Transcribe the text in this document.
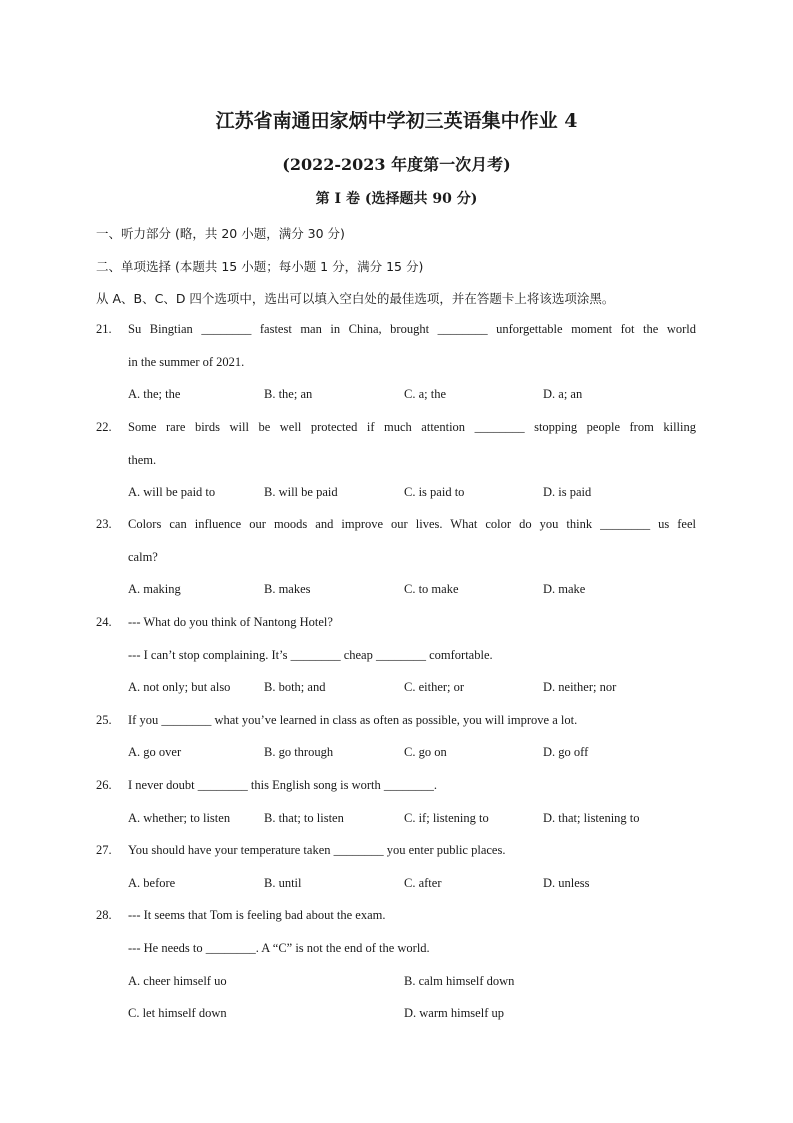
江苏省南通田家炳中学初三英语集中作业 4
(2022-2023 年度第一次月考)
第 I 卷 (选择题共 90 分)
一、听力部分 (略，共 20 小题，满分 30 分)
二、单项选择 (本题共 15 小题；每小题 1 分，满分 15 分)
从 A、B、C、D 四个选项中，选出可以填入空白处的最佳选项，并在答题卡上将该选项涂黑。
21. Su Bingtian ________ fastest man in China, brought ________ unforgettable moment fot the world
in the summer of 2021.
A. the; the	B. the; an	C. a; the	D. a; an
22. Some rare birds will be well protected if much attention ________ stopping people from killing
them.
A. will be paid to	B. will be paid	C. is paid to	D. is paid
23. Colors can influence our moods and improve our lives. What color do you think ________ us feel
calm?
A. making	B. makes	C. to make	D. make
24. --- What do you think of Nantong Hotel?
--- I can’t stop complaining. It’s ________ cheap ________ comfortable.
A. not only; but also	B. both; and	C. either; or	D. neither; nor
25. If you ________ what you’ve learned in class as often as possible, you will improve a lot.
A. go over	B. go through	C. go on	D. go off
26. I never doubt ________ this English song is worth ________.
A. whether; to listen	B. that; to listen	C. if; listening to	D. that; listening to
27. You should have your temperature taken ________ you enter public places.
A. before	B. until	C. after	D. unless
28. --- It seems that Tom is feeling bad about the exam.
--- He needs to ________. A “C” is not the end of the world.
A. cheer himself uo	B. calm himself down
C. let himself down	D. warm himself up
